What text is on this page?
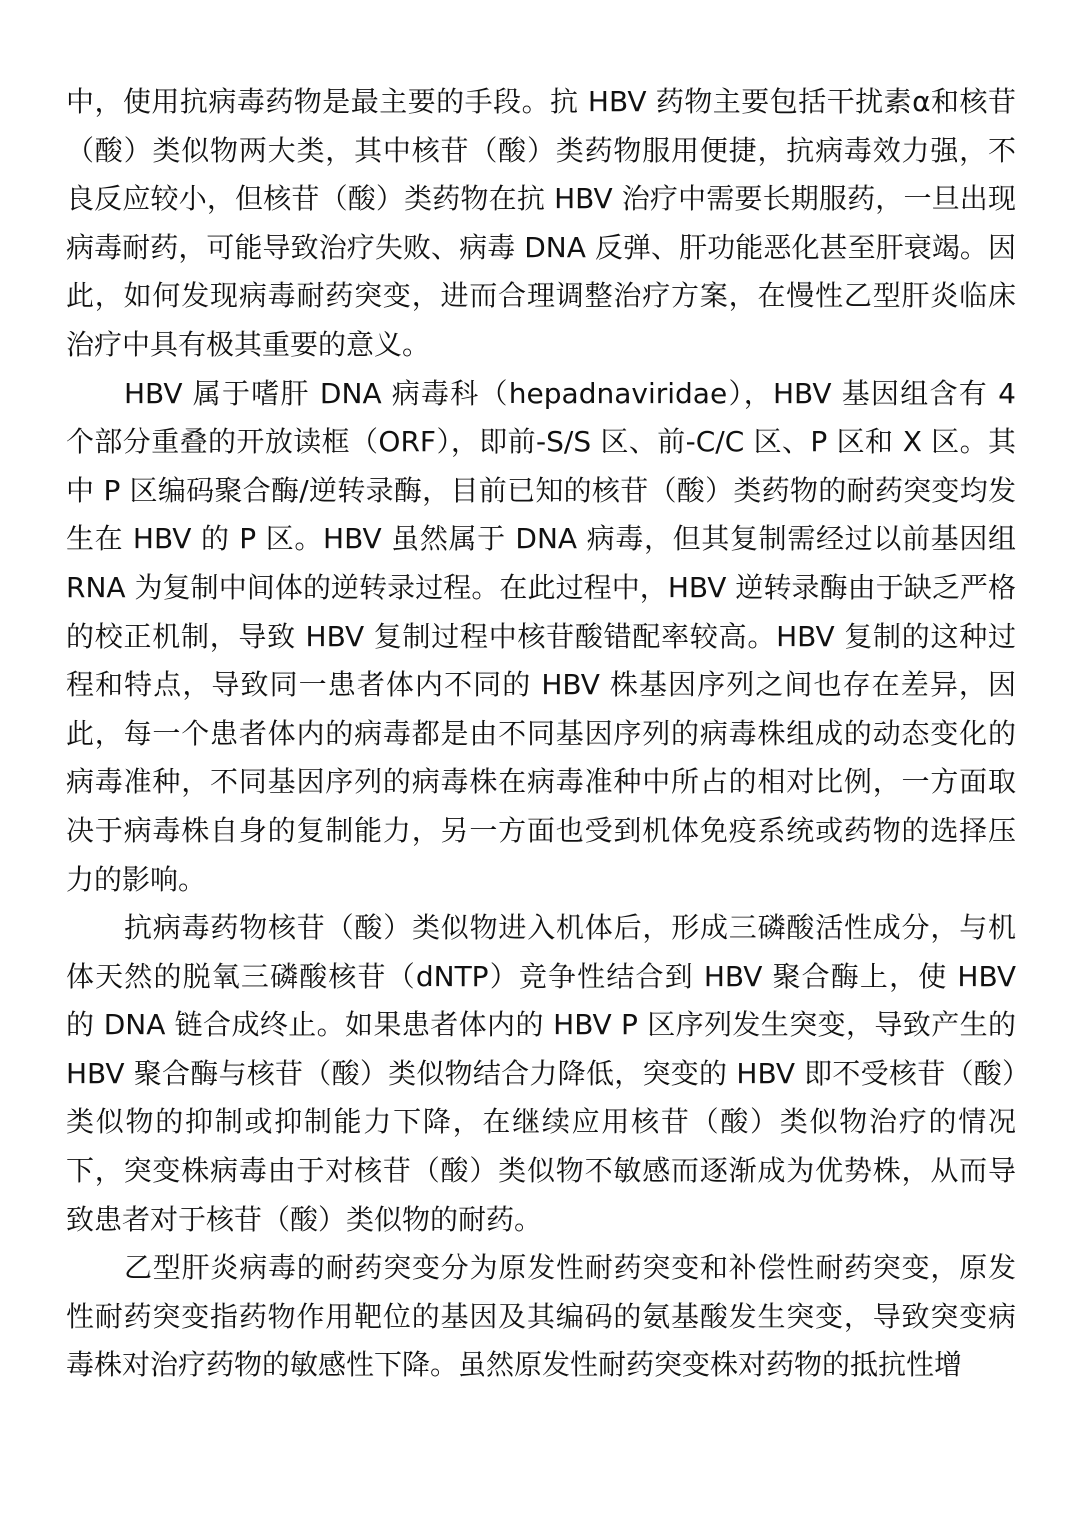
中，使用抗病毒药物是最主要的手段。抗 HBV 药物主要包括干扰素α和核苷（酸）类似物两大类，其中核苷（酸）类药物服用便捷，抗病毒效力强，不良反应较小，但核苷（酸）类药物在抗 HBV 治疗中需要长期服药，一旦出现病毒耐药，可能导致治疗失败、病毒 DNA 反弹、肝功能恶化甚至肝衰竭。因此，如何发现病毒耐药突变，进而合理调整治疗方案，在慢性乙型肝炎临床治疗中具有极其重要的意义。

HBV 属于嗜肝 DNA 病毒科（hepadnaviridae），HBV 基因组含有 4 个部分重叠的开放读框（ORF），即前-S/S 区、前-C/C 区、P 区和 X 区。其中 P 区编码聚合酶/逆转录酶，目前已知的核苷（酸）类药物的耐药突变均发生在 HBV 的 P 区。HBV 虽然属于 DNA 病毒，但其复制需经过以前基因组 RNA 为复制中间体的逆转录过程。在此过程中，HBV 逆转录酶由于缺乏严格的校正机制，导致 HBV 复制过程中核苷酸错配率较高。HBV 复制的这种过程和特点，导致同一患者体内不同的 HBV 株基因序列之间也存在差异，因此，每一个患者体内的病毒都是由不同基因序列的病毒株组成的动态变化的病毒准种，不同基因序列的病毒株在病毒准种中所占的相对比例，一方面取决于病毒株自身的复制能力，另一方面也受到机体免疫系统或药物的选择压力的影响。

抗病毒药物核苷（酸）类似物进入机体后，形成三磷酸活性成分，与机体天然的脱氧三磷酸核苷（dNTP）竞争性结合到 HBV 聚合酶上，使 HBV 的 DNA 链合成终止。如果患者体内的 HBV P 区序列发生突变，导致产生的 HBV 聚合酶与核苷（酸）类似物结合力降低，突变的 HBV 即不受核苷（酸）类似物的抑制或抑制能力下降，在继续应用核苷（酸）类似物治疗的情况下，突变株病毒由于对核苷（酸）类似物不敏感而逐渐成为优势株，从而导致患者对于核苷（酸）类似物的耐药。

乙型肝炎病毒的耐药突变分为原发性耐药突变和补偿性耐药突变，原发性耐药突变指药物作用靶位的基因及其编码的氨基酸发生突变，导致突变病毒株对治疗药物的敏感性下降。虽然原发性耐药突变株对药物的抵抗性增
